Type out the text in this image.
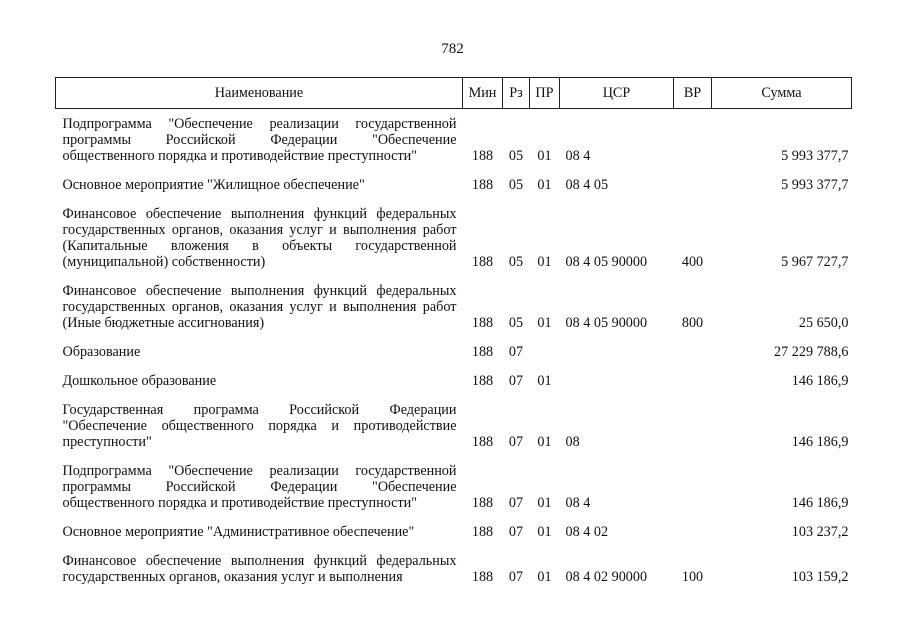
782
Наименование	Мин	Рз	ПР	ЦСР	ВР	Сумма
Подпрограмма "Обеспечение реализации государственной программы Российской Федерации "Обеспечение общественного порядка и противодействие преступности"	188	05	01	08 4		5 993 377,7
Основное мероприятие "Жилищное обеспечение"	188	05	01	08 4 05		5 993 377,7
Финансовое обеспечение выполнения функций федеральных государственных органов, оказания услуг и выполнения работ (Капитальные вложения в объекты государственной (муниципальной) собственности)	188	05	01	08 4 05 90000	400	5 967 727,7
Финансовое обеспечение выполнения функций федеральных государственных органов, оказания услуг и выполнения работ (Иные бюджетные ассигнования)	188	05	01	08 4 05 90000	800	25 650,0
Образование	188	07				27 229 788,6
Дошкольное образование	188	07	01			146 186,9
Государственная программа Российской Федерации "Обеспечение общественного порядка и противодействие преступности"	188	07	01	08		146 186,9
Подпрограмма "Обеспечение реализации государственной программы Российской Федерации "Обеспечение общественного порядка и противодействие преступности"	188	07	01	08 4		146 186,9
Основное мероприятие "Административное обеспечение"	188	07	01	08 4 02		103 237,2
Финансовое обеспечение выполнения функций федеральных государственных органов, оказания услуг и выполнения	188	07	01	08 4 02 90000	100	103 159,2
